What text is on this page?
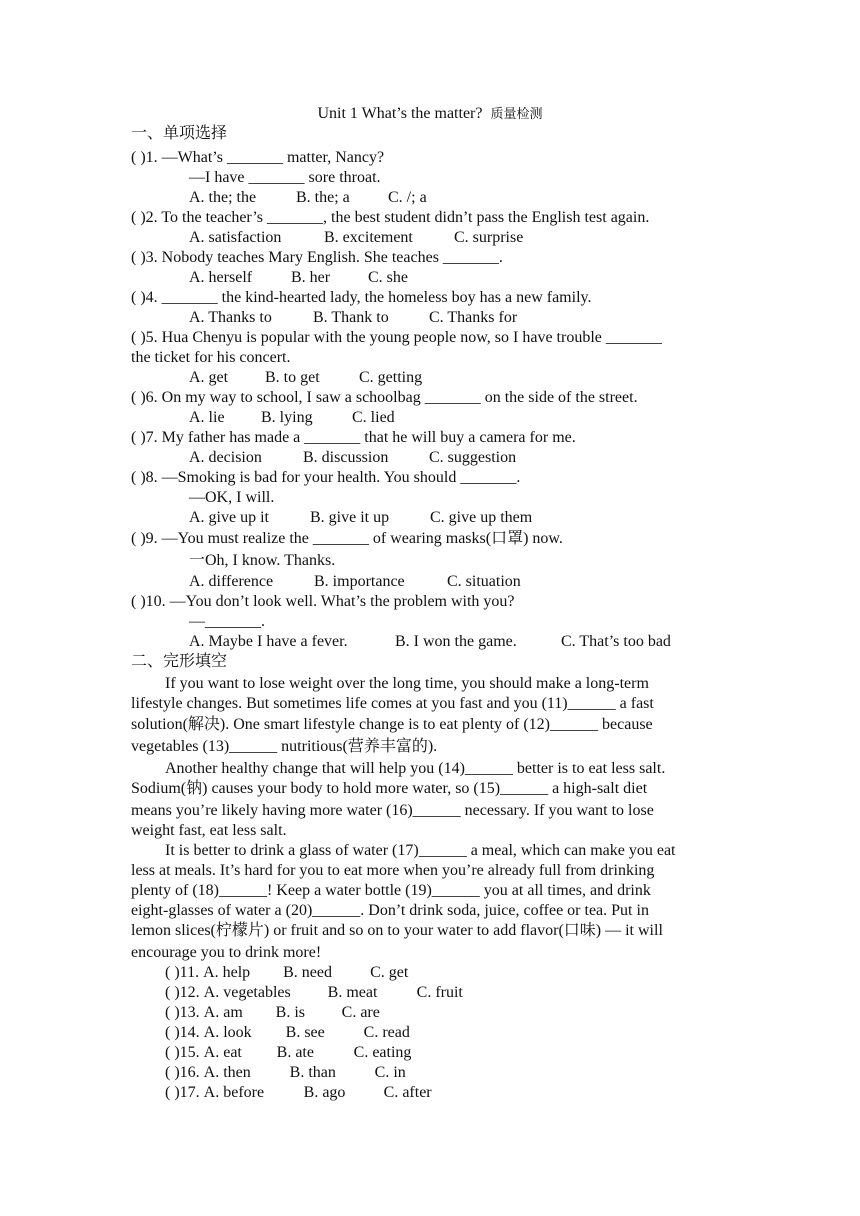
Unit 1 What’s the matter? 质量检测
一、单项选择
( )1. —What’s _______ matter, Nancy?
—I have _______ sore throat.
A. the; the B. the; a C. /; a
( )2. To the teacher’s _______, the best student didn’t pass the English test again.
A. satisfaction	B. excitement	C. surprise
( )3. Nobody teaches Mary English. She teaches _______.
A. herself B. her C. she
( )4. _______ the kind-hearted lady, the homeless boy has a new family.
A. Thanks to	B. Thank to	C. Thanks for
( )5. Hua Chenyu is popular with the young people now, so I have trouble _______
the ticket for his concert.
A. get B. to get C. getting
( )6. On my way to school, I saw a schoolbag _______ on the side of the street.
A. lie B. lying C. lied
( )7. My father has made a _______ that he will buy a camera for me.
A. decision	B. discussion	C. suggestion
( )8. —Smoking is bad for your health. You should _______.
—OK, I will.
A. give up it	B. give it up	C. give up them
( )9. —You must realize the _______ of wearing masks(口罩) now.
一Oh, I know. Thanks.
A. difference	B. importance	C. situation
( )10. —You don’t look well. What’s the problem with you?
—_______.
A. Maybe I have a fever.	B. I won the game.	C. That’s too bad
二、完形填空
If you want to lose weight over the long time, you should make a long-term
lifestyle changes. But sometimes life comes at you fast and you (11)______ a fast
solution(解决). One smart lifestyle change is to eat plenty of (12)______ because
vegetables (13)______ nutritious(营养丰富的).
Another healthy change that will help you (14)______ better is to eat less salt.
Sodium(钠) causes your body to hold more water, so (15)______ a high-salt diet
means you’re likely having more water (16)______ necessary. If you want to lose
weight fast, eat less salt.
It is better to drink a glass of water (17)______ a meal, which can make you eat
less at meals. It’s hard for you to eat more when you’re already full from drinking
plenty of (18)______! Keep a water bottle (19)______ you at all times, and drink
eight-glasses of water a (20)______. Don’t drink soda, juice, coffee or tea. Put in
lemon slices(柠檬片) or fruit and so on to your water to add flavor(口味) — it will
encourage you to drink more!
( )11. A. help B. need C. get
( )12. A. vegetables B. meat C. fruit
( )13. A. am B. is C. are
( )14. A. look B. see C. read
( )15. A. eat B. ate C. eating
( )16. A. then B. than C. in
( )17. A. before B. ago C. after
